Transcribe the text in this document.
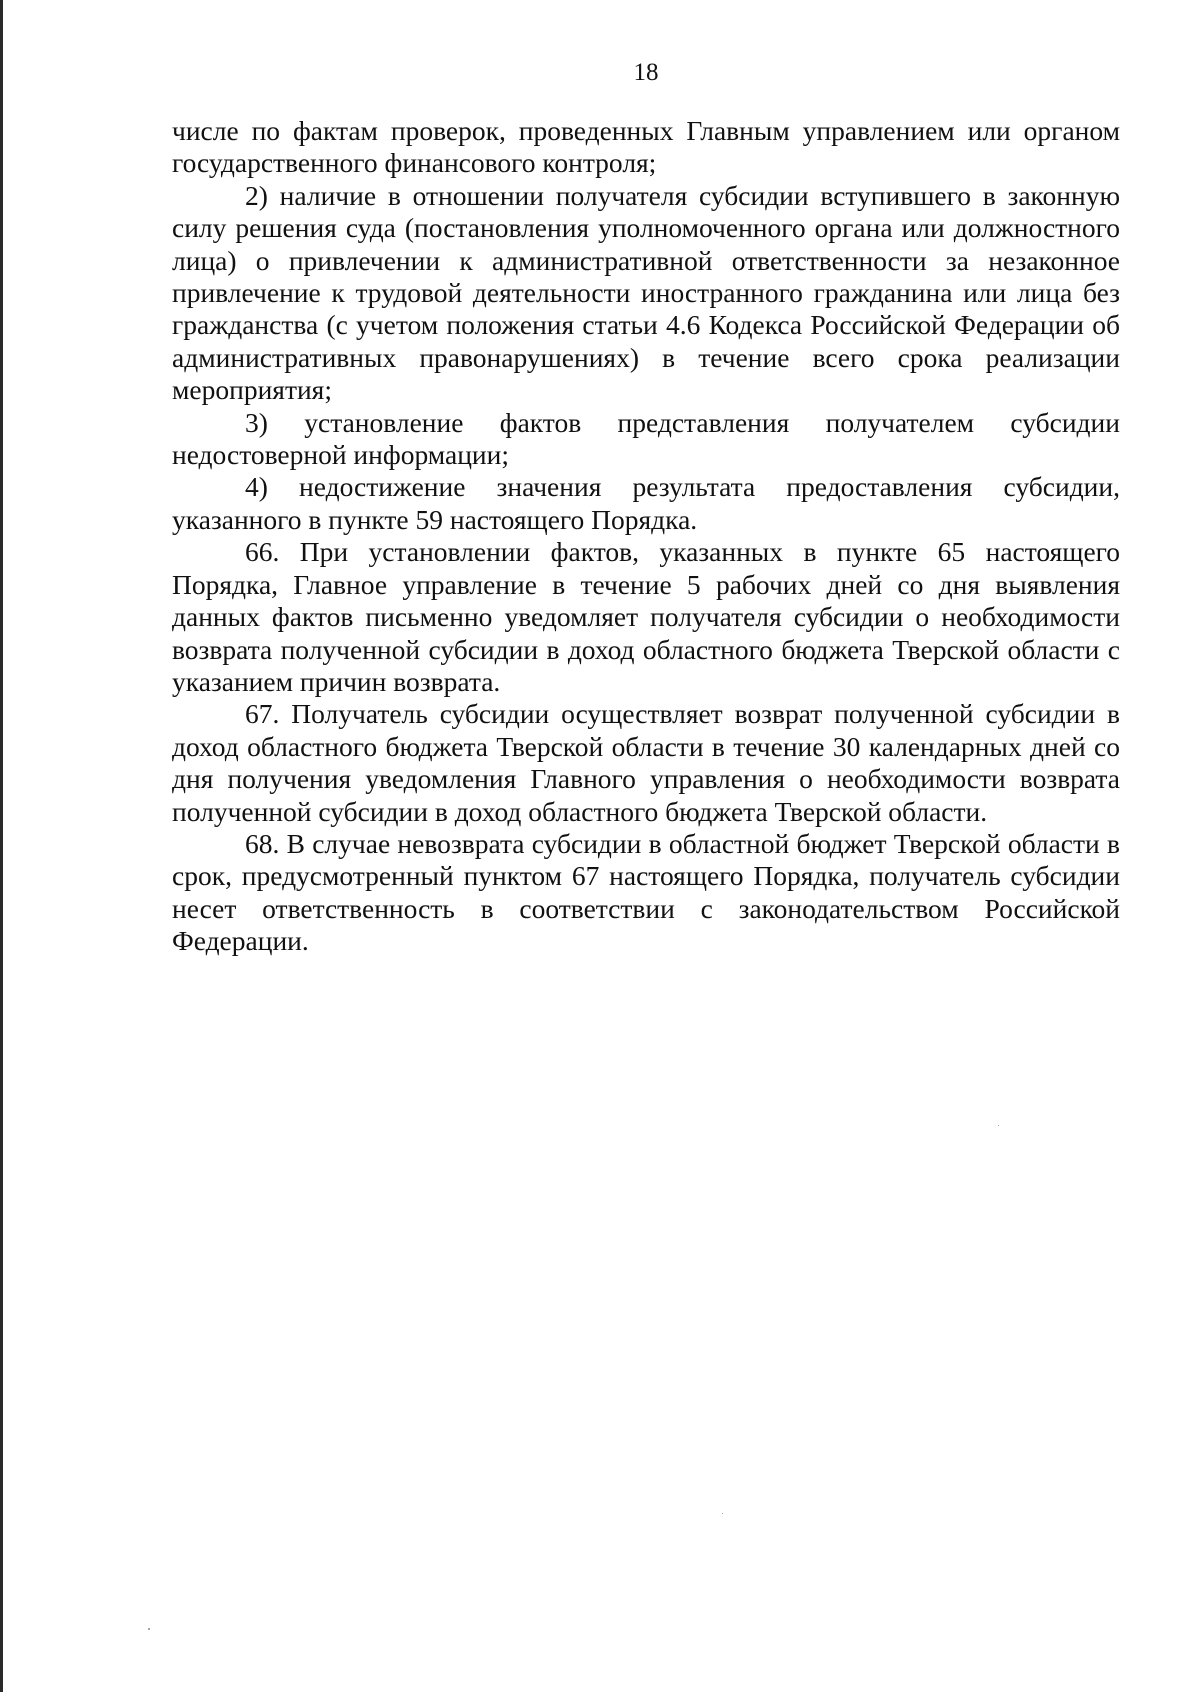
18

числе по фактам проверок, проведенных Главным управлением или органом государственного финансового контроля;

2) наличие в отношении получателя субсидии вступившего в законную силу решения суда (постановления уполномоченного органа или должностного лица) о привлечении к административной ответственности за незаконное привлечение к трудовой деятельности иностранного гражданина или лица без гражданства (с учетом положения статьи 4.6 Кодекса Российской Федерации об административных правонарушениях) в течение всего срока реализации мероприятия;

3) установление фактов представления получателем субсидии недостоверной информации;

4) недостижение значения результата предоставления субсидии, указанного в пункте 59 настоящего Порядка.

66. При установлении фактов, указанных в пункте 65 настоящего Порядка, Главное управление в течение 5 рабочих дней со дня выявления данных фактов письменно уведомляет получателя субсидии о необходимости возврата полученной субсидии в доход областного бюджета Тверской области с указанием причин возврата.

67. Получатель субсидии осуществляет возврат полученной субсидии в доход областного бюджета Тверской области в течение 30 календарных дней со дня получения уведомления Главного управления о необходимости возврата полученной субсидии в доход областного бюджета Тверской области.

68. В случае невозврата субсидии в областной бюджет Тверской области в срок, предусмотренный пунктом 67 настоящего Порядка, получатель субсидии несет ответственность в соответствии с законодательством Российской Федерации.
